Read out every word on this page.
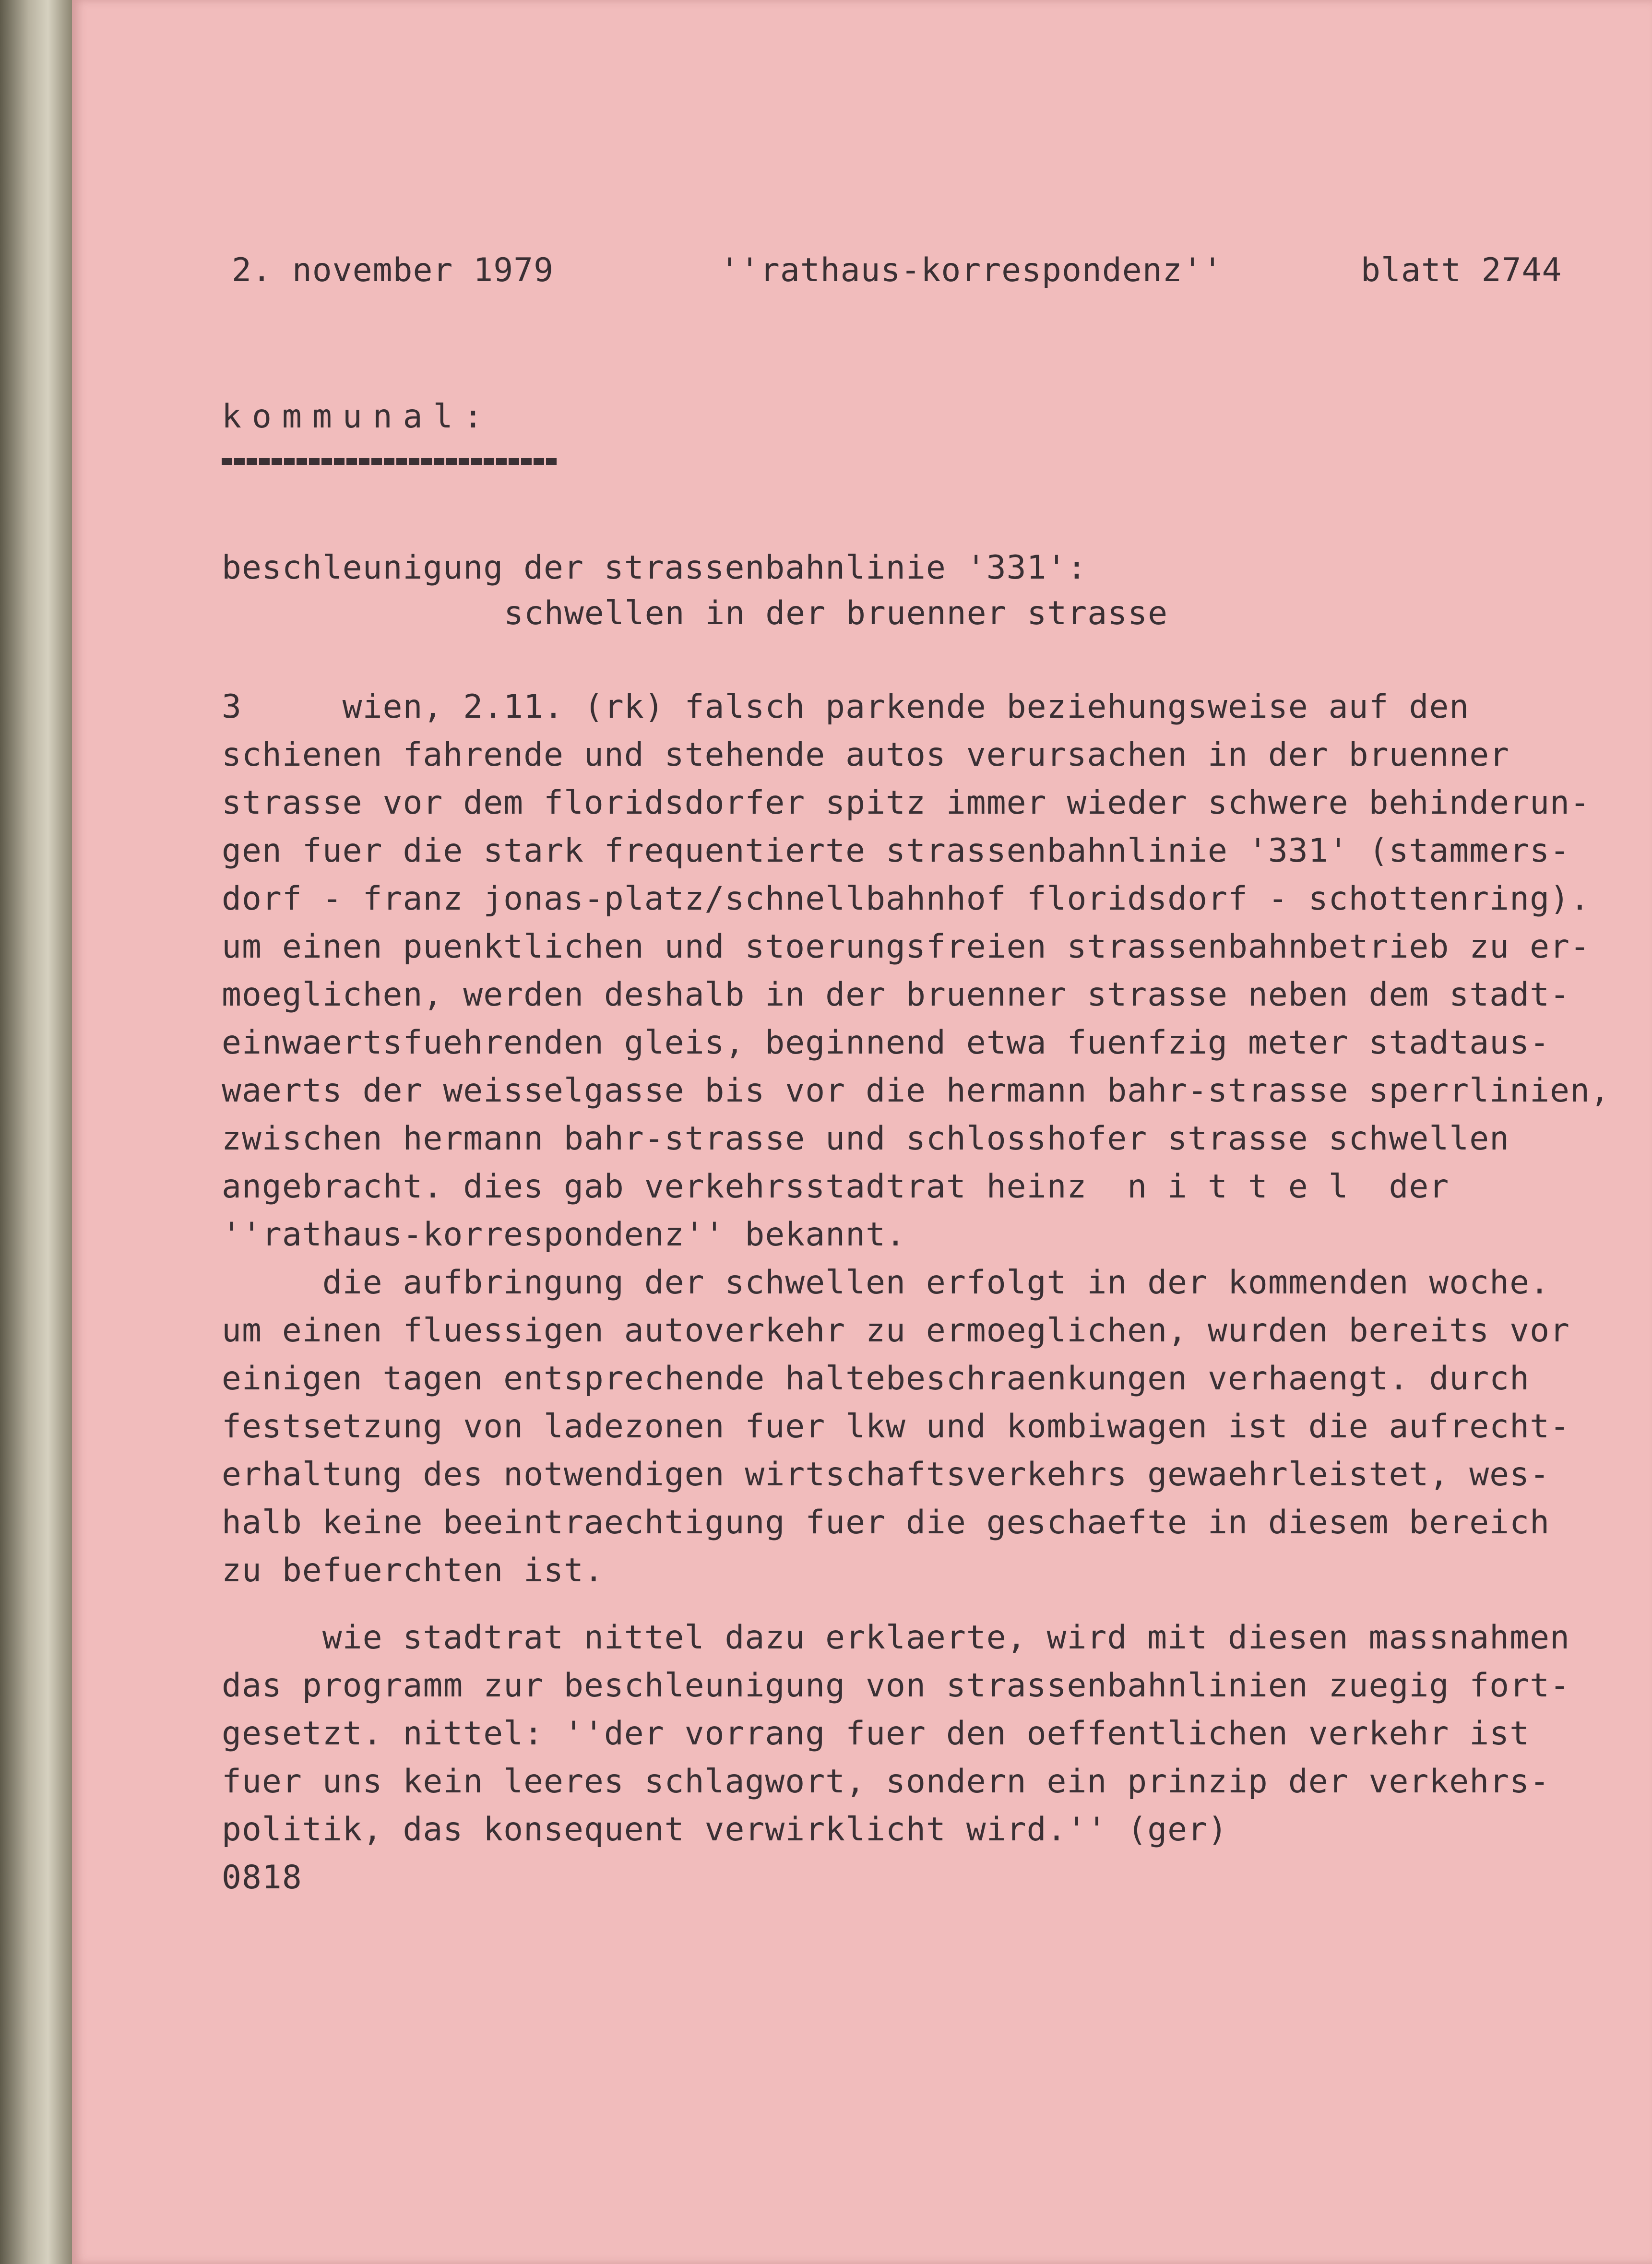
2. november 1979	''rathaus-korrespondenz''	blatt 2744
kommunal:
beschleunigung der strassenbahnlinie '331':
schwellen in der bruenner strasse
3     wien, 2.11. (rk) falsch parkende beziehungsweise auf den
schienen fahrende und stehende autos verursachen in der bruenner
strasse vor dem floridsdorfer spitz immer wieder schwere behinderun-
gen fuer die stark frequentierte strassenbahnlinie '331' (stammers-
dorf - franz jonas-platz/schnellbahnhof floridsdorf - schottenring).
um einen puenktlichen und stoerungsfreien strassenbahnbetrieb zu er-
moeglichen, werden deshalb in der bruenner strasse neben dem stadt-
einwaertsfuehrenden gleis, beginnend etwa fuenfzig meter stadtaus-
waerts der weisselgasse bis vor die hermann bahr-strasse sperrlinien,
zwischen hermann bahr-strasse und schlosshofer strasse schwellen
angebracht. dies gab verkehrsstadtrat heinz  n i t t e l  der
''rathaus-korrespondenz'' bekannt.
die aufbringung der schwellen erfolgt in der kommenden woche.
um einen fluessigen autoverkehr zu ermoeglichen, wurden bereits vor
einigen tagen entsprechende haltebeschraenkungen verhaengt. durch
festsetzung von ladezonen fuer lkw und kombiwagen ist die aufrecht-
erhaltung des notwendigen wirtschaftsverkehrs gewaehrleistet, wes-
halb keine beeintraechtigung fuer die geschaefte in diesem bereich
zu befuerchten ist.
wie stadtrat nittel dazu erklaerte, wird mit diesen massnahmen
das programm zur beschleunigung von strassenbahnlinien zuegig fort-
gesetzt. nittel: ''der vorrang fuer den oeffentlichen verkehr ist
fuer uns kein leeres schlagwort, sondern ein prinzip der verkehrs-
politik, das konsequent verwirklicht wird.'' (ger)
0818
